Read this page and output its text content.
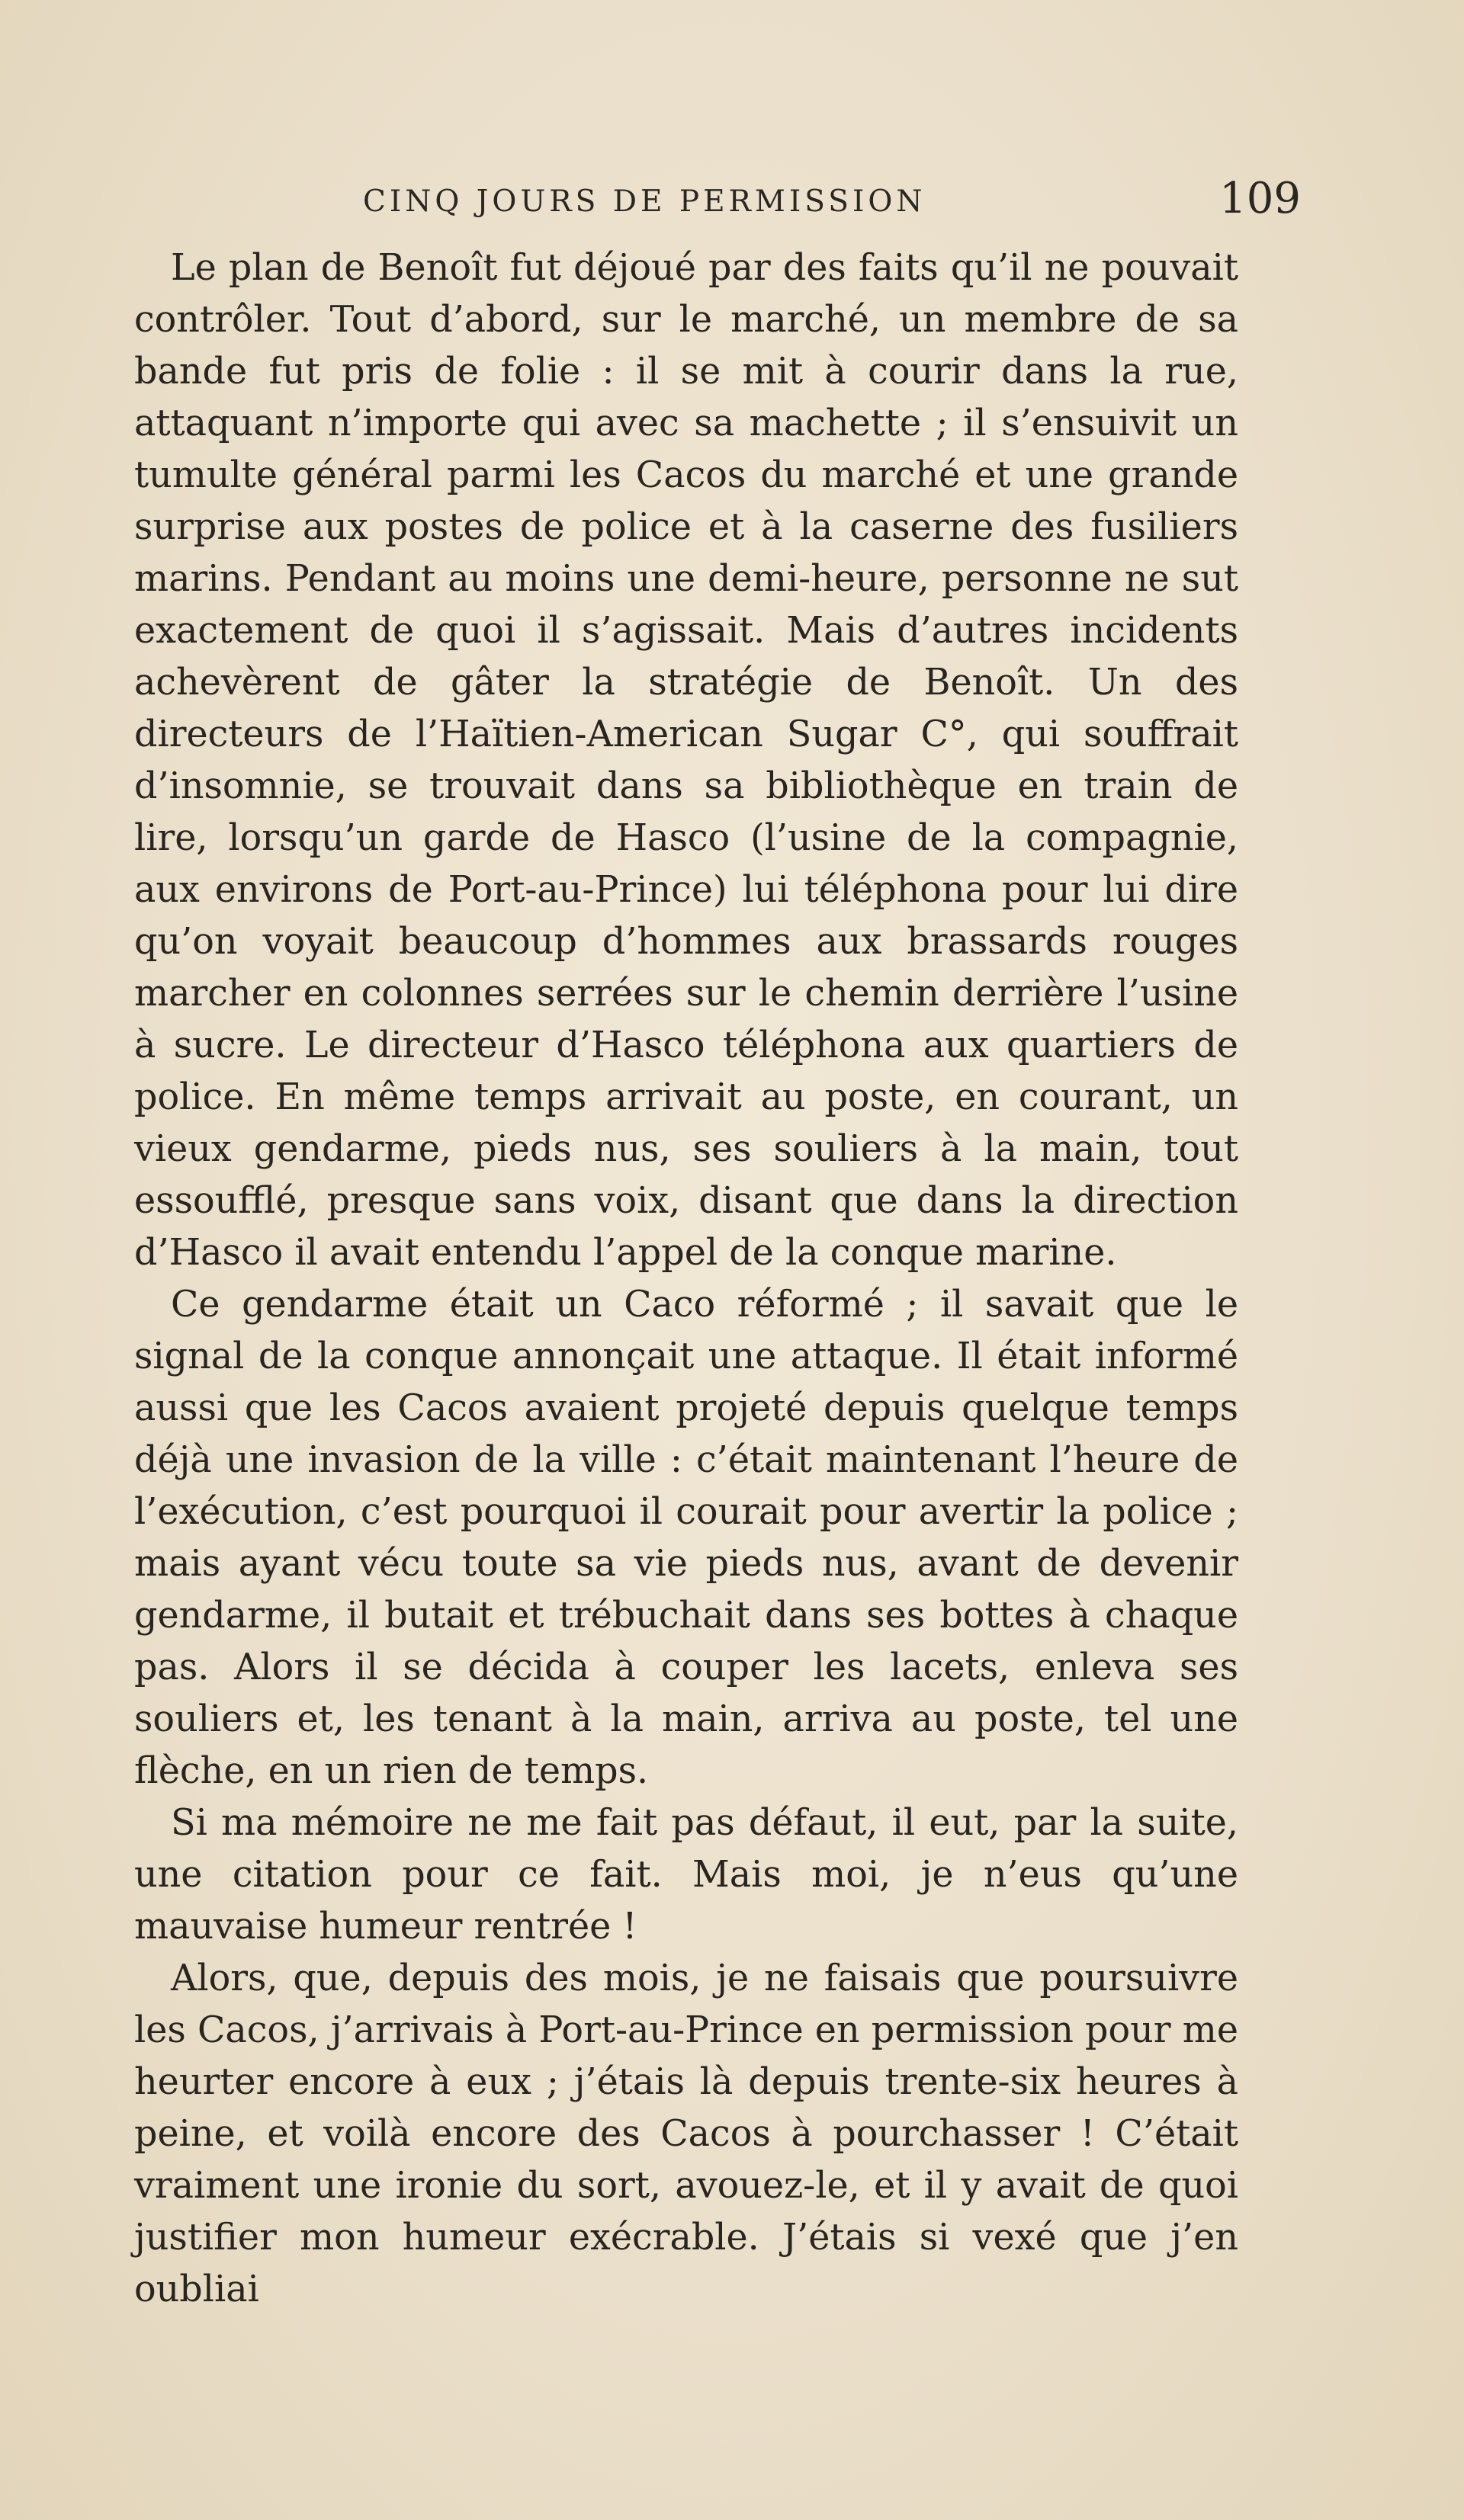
CINQ JOURS DE PERMISSION	109

Le plan de Benoît fut déjoué par des faits qu’il ne pouvait contrôler. Tout d’abord, sur le marché, un membre de sa bande fut pris de folie : il se mit à courir dans la rue, attaquant n’importe qui avec sa machette ; il s’ensuivit un tumulte général parmi les Cacos du marché et une grande surprise aux postes de police et à la caserne des fusiliers marins. Pendant au moins une demi-heure, personne ne sut exactement de quoi il s’agissait. Mais d’autres incidents achevèrent de gâter la stratégie de Benoît. Un des directeurs de l’Haïtien-American Sugar C°, qui souffrait d’insomnie, se trouvait dans sa bibliothèque en train de lire, lorsqu’un garde de Hasco (l’usine de la compagnie, aux environs de Port-au-Prince) lui téléphona pour lui dire qu’on voyait beaucoup d’hommes aux brassards rouges marcher en colonnes serrées sur le chemin derrière l’usine à sucre. Le directeur d’Hasco téléphona aux quartiers de police. En même temps arrivait au poste, en courant, un vieux gendarme, pieds nus, ses souliers à la main, tout essoufflé, presque sans voix, disant que dans la direction d’Hasco il avait entendu l’appel de la conque marine.

Ce gendarme était un Caco réformé ; il savait que le signal de la conque annonçait une attaque. Il était informé aussi que les Cacos avaient projeté depuis quelque temps déjà une invasion de la ville : c’était maintenant l’heure de l’exécution, c’est pourquoi il courait pour avertir la police ; mais ayant vécu toute sa vie pieds nus, avant de devenir gendarme, il butait et trébuchait dans ses bottes à chaque pas. Alors il se décida à couper les lacets, enleva ses souliers et, les tenant à la main, arriva au poste, tel une flèche, en un rien de temps.

Si ma mémoire ne me fait pas défaut, il eut, par la suite, une citation pour ce fait. Mais moi, je n’eus qu’une mauvaise humeur rentrée !

Alors, que, depuis des mois, je ne faisais que poursuivre les Cacos, j’arrivais à Port-au-Prince en permission pour me heurter encore à eux ; j’étais là depuis trente-six heures à peine, et voilà encore des Cacos à pourchasser ! C’était vraiment une ironie du sort, avouez-le, et il y avait de quoi justifier mon humeur exécrable. J’étais si vexé que j’en oubliai
